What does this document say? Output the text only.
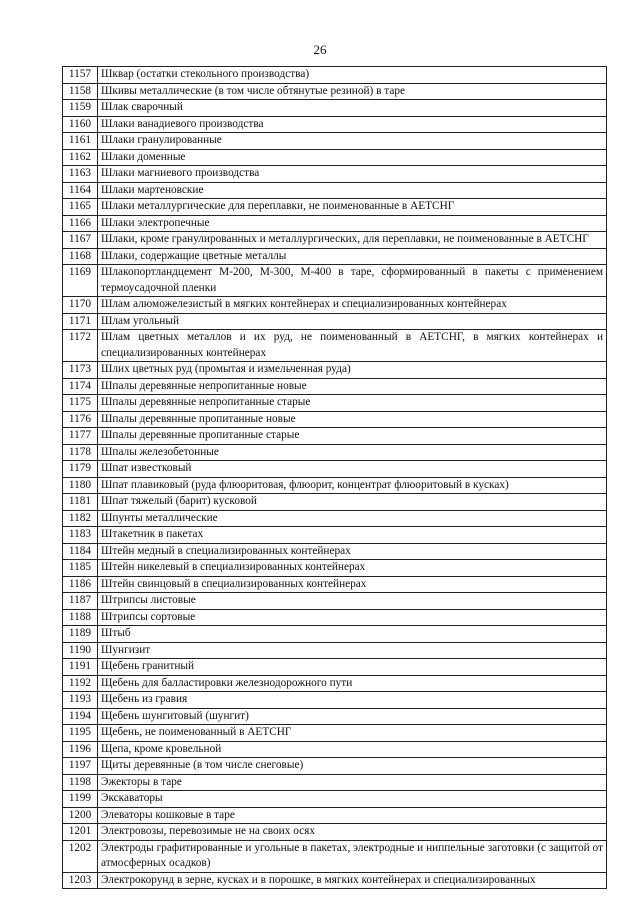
26
1157	Шквар (остатки стекольного производства)
1158	Шкивы металлические (в том числе обтянутые резиной) в таре
1159	Шлак сварочный
1160	Шлаки ванадиевого производства
1161	Шлаки гранулированные
1162	Шлаки доменные
1163	Шлаки магниевого производства
1164	Шлаки мартеновские
1165	Шлаки металлургические для переплавки, не поименованные в АЕТСНГ
1166	Шлаки электропечные
1167	Шлаки, кроме гранулированных и металлургических, для переплавки, не поименованные в АЕТСНГ
1168	Шлаки, содержащие цветные металлы
1169	Шлакопортландцемент М-200, М-300, М-400 в таре, сформированный в пакеты с применением термоусадочной пленки
1170	Шлам алюможелезистый в мягких контейнерах и специализированных контейнерах
1171	Шлам угольный
1172	Шлам цветных металлов и их руд, не поименованный в АЕТСНГ, в мягких контейнерах и специализированных контейнерах
1173	Шлих цветных руд (промытая и измельченная руда)
1174	Шпалы деревянные непропитанные новые
1175	Шпалы деревянные непропитанные старые
1176	Шпалы деревянные пропитанные новые
1177	Шпалы деревянные пропитанные старые
1178	Шпалы железобетонные
1179	Шпат известковый
1180	Шпат плавиковый (руда флюоритовая, флюорит, концентрат флюоритовый в кусках)
1181	Шпат тяжелый (барит) кусковой
1182	Шпунты металлические
1183	Штакетник в пакетах
1184	Штейн медный в специализированных контейнерах
1185	Штейн никелевый в специализированных контейнерах
1186	Штейн свинцовый в специализированных контейнерах
1187	Штрипсы листовые
1188	Штрипсы сортовые
1189	Штыб
1190	Шунгизит
1191	Щебень гранитный
1192	Щебень для балластировки железнодорожного пути
1193	Щебень из гравия
1194	Щебень шунгитовый (шунгит)
1195	Щебень, не поименованный в АЕТСНГ
1196	Щепа, кроме кровельной
1197	Щиты деревянные (в том числе снеговые)
1198	Эжекторы в таре
1199	Экскаваторы
1200	Элеваторы кошковые в таре
1201	Электровозы, перевозимые не на своих осях
1202	Электроды графитированные и угольные в пакетах, электродные и ниппельные заготовки (с защитой от атмосферных осадков)
1203	Электрокорунд в зерне, кусках и в порошке, в мягких контейнерах и специализированных
